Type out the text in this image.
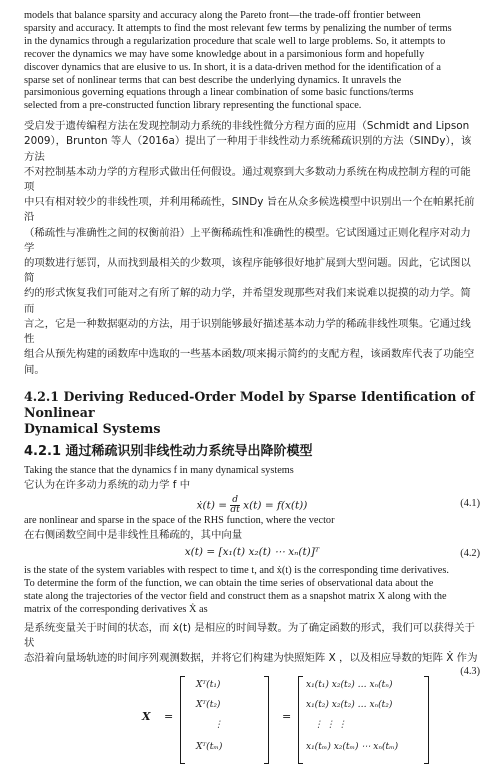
models that balance sparsity and accuracy along the Pareto front—the trade-off frontier between

sparsity and accuracy. It attempts to find the most relevant few terms by penalizing the number of terms

in the dynamics through a regularization procedure that scale well to large problems. So, it attempts to

recover the dynamics we may have some knowledge about in a parsimonious form and hopefully

discover dynamics that are elusive to us. In short, it is a data-driven method for the identification of a

sparse set of nonlinear terms that can best describe the underlying dynamics. It unravels the

parsimonious governing equations through a linear combination of some basic functions/terms

selected from a pre-constructed function library representing the functional space.

受启发于遗传编程方法在发现控制动力系统的非线性微分方程方面的应用（Schmidt and Lipson

2009），Brunton 等人（2016a）提出了一种用于非线性动力系统稀疏识别的方法（SINDy），该方法

不对控制基本动力学的方程形式做出任何假设。通过观察到大多数动力系统在构成控制方程的可能项

中只有相对较少的非线性项，并利用稀疏性，SINDy 旨在从众多候选模型中识别出一个在帕累托前沿

（稀疏性与准确性之间的权衡前沿）上平衡稀疏性和准确性的模型。它试图通过正则化程序对动力学

的项数进行惩罚，从而找到最相关的少数项，该程序能够很好地扩展到大型问题。因此，它试图以简

约的形式恢复我们可能对之有所了解的动力学，并希望发现那些对我们来说难以捉摸的动力学。简而

言之，它是一种数据驱动的方法，用于识别能够最好描述基本动力学的稀疏非线性项集。它通过线性

组合从预先构建的函数库中选取的一些基本函数/项来揭示简约的支配方程，该函数库代表了功能空

间。

4.2.1 Deriving Reduced-Order Model by Sparse Identification of Nonlinear
Dynamical Systems
4.2.1 通过稀疏识别非线性动力系统导出降阶模型

Taking the stance that the dynamics f in many dynamical systems

它认为在许多动力系统的动力学 f 中

ẋ(t) = $\frac{d}{dt} x(t) = f(x(t))$	(4.1)

are nonlinear and sparse in the space of the RHS function, where the vector

在右侧函数空间中是非线性且稀疏的，其中向量

x(t) = [x₁(t) x₂(t) ⋯ xₙ(t)]ᵀ	(4.2)

is the state of the system variables with respect to time t, and ẋ(t) is the corresponding time derivatives.

To determine the form of the function, we can obtain the time series of observational data about the

state along the trajectories of the vector field and construct them as a snapshot matrix X along with the

matrix of the corresponding derivatives Ẋ as

是系统变量关于时间的状态，而 ẋ(t) 是相应的时间导数。为了确定函数的形式，我们可以获得关于状

态沿着向量场轨迹的时间序列观测数据，并将它们构建为快照矩阵 X ，以及相应导数的矩阵 Ẋ 作为

(4.3)
X =
Xᵀ(t₁)
Xᵀ(t₂)
⋮
Xᵀ(tₘ)
=
x₁(t₁) x₂(t₂) … xₙ(tₙ)
x₁(t₂) x₂(t₂) … xₙ(t₂)
⋮ ⋮ ⋮
x₁(tₘ) x₂(tₘ) ⋯ xₙ(tₘ)
